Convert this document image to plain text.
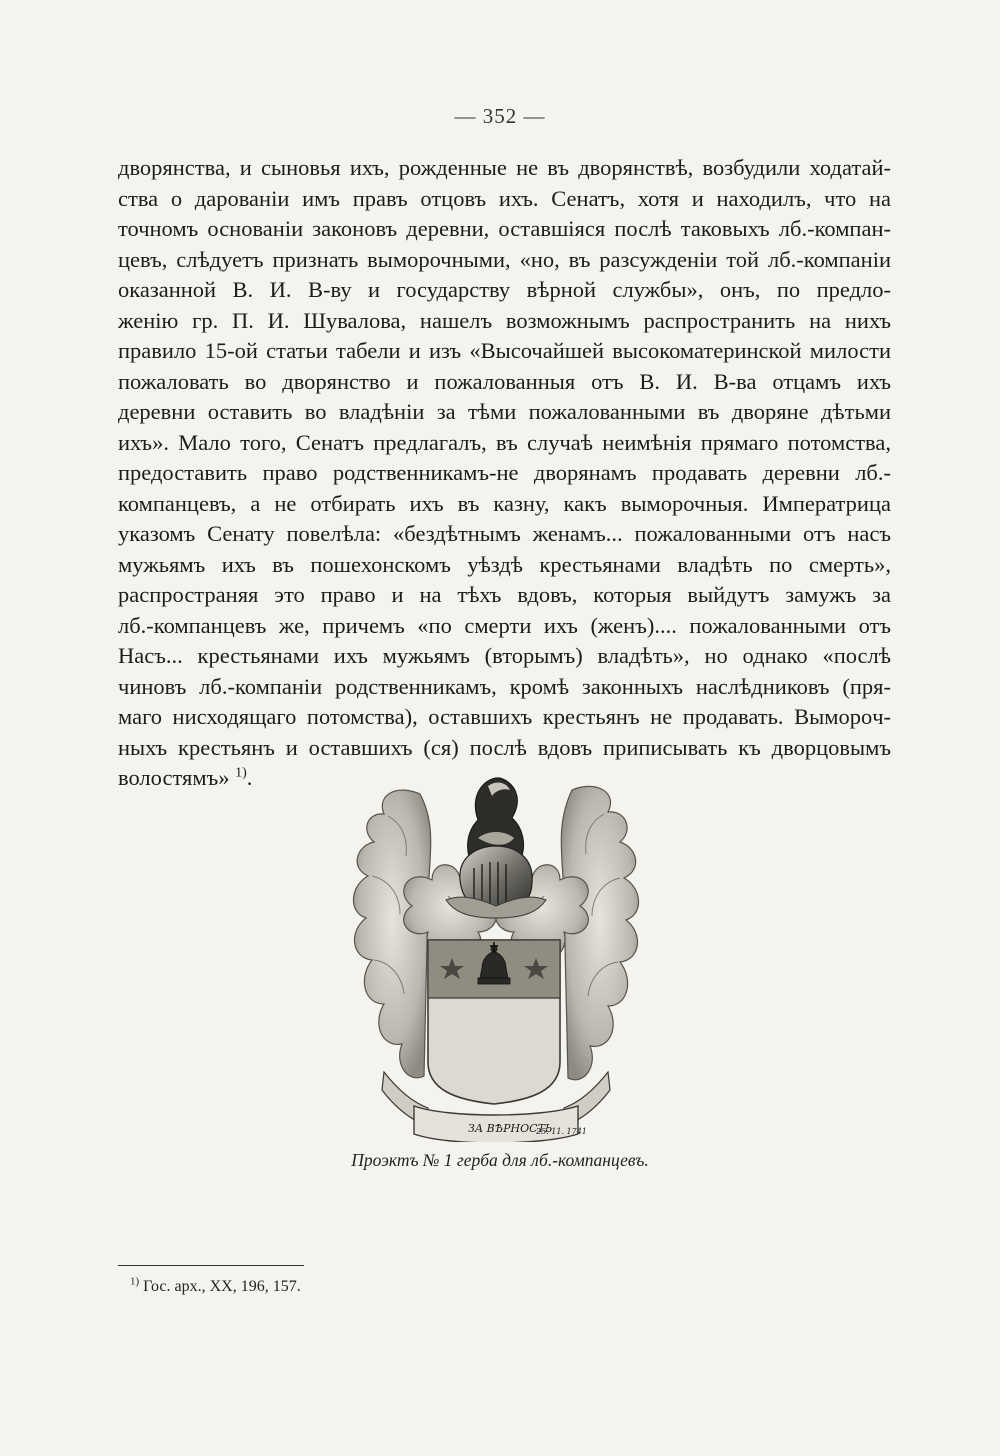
— 352 —
дворянства, и сыновья ихъ, рожденные не въ дворянствѣ, возбудили ходатай-
ства о дарованіи имъ правъ отцовъ ихъ. Сенатъ, хотя и находилъ, что на
точномъ основаніи законовъ деревни, оставшіяся послѣ таковыхъ лб.-компан-
цевъ, слѣдуетъ признать выморочными, «но, въ разсужденіи той лб.-компаніи
оказанной В. И. В-ву и государству вѣрной службы», онъ, по предло-
женію гр. П. И. Шувалова, нашелъ возможнымъ распространить на нихъ
правило 15-ой статьи табели и изъ «Высочайшей высокоматеринской милости
пожаловать во дворянство и пожалованныя отъ В. И. В-ва отцамъ ихъ
деревни оставить во владѣніи за тѣми пожалованными въ дворяне дѣтьми
ихъ». Мало того, Сенатъ предлагалъ, въ случаѣ неимѣнія прямаго потомства,
предоставить право родственникамъ-не дворянамъ продавать деревни лб.-
компанцевъ, а не отбирать ихъ въ казну, какъ выморочныя. Императрица
указомъ Сенату повелѣла: «бездѣтнымъ женамъ... пожалованными отъ насъ
мужьямъ ихъ въ пошехонскомъ уѣздѣ крестьянами владѣть по смерть»,
распространяя это право и на тѣхъ вдовъ, которыя выйдутъ замужъ за
лб.-компанцевъ же, причемъ «по смерти ихъ (женъ).... пожалованными отъ
Насъ... крестьянами ихъ мужьямъ (вторымъ) владѣть», но однако «послѣ
чиновъ лб.-компаніи родственникамъ, кромѣ законныхъ наслѣдниковъ (пря-
маго нисходящаго потомства), оставшихъ крестьянъ не продавать. Выморoч-
ныхъ крестьянъ и оставшихъ (ся) послѣ вдовъ приписывать къ дворцовымъ
волостямъ» $^{1)}$.
ЗА ВѢРНОСТЬ
25. 11. 1741
Проэктъ № 1 герба для лб.-компанцевъ.
$^{1)}$ Гос. арх., XX, 196, 157.
